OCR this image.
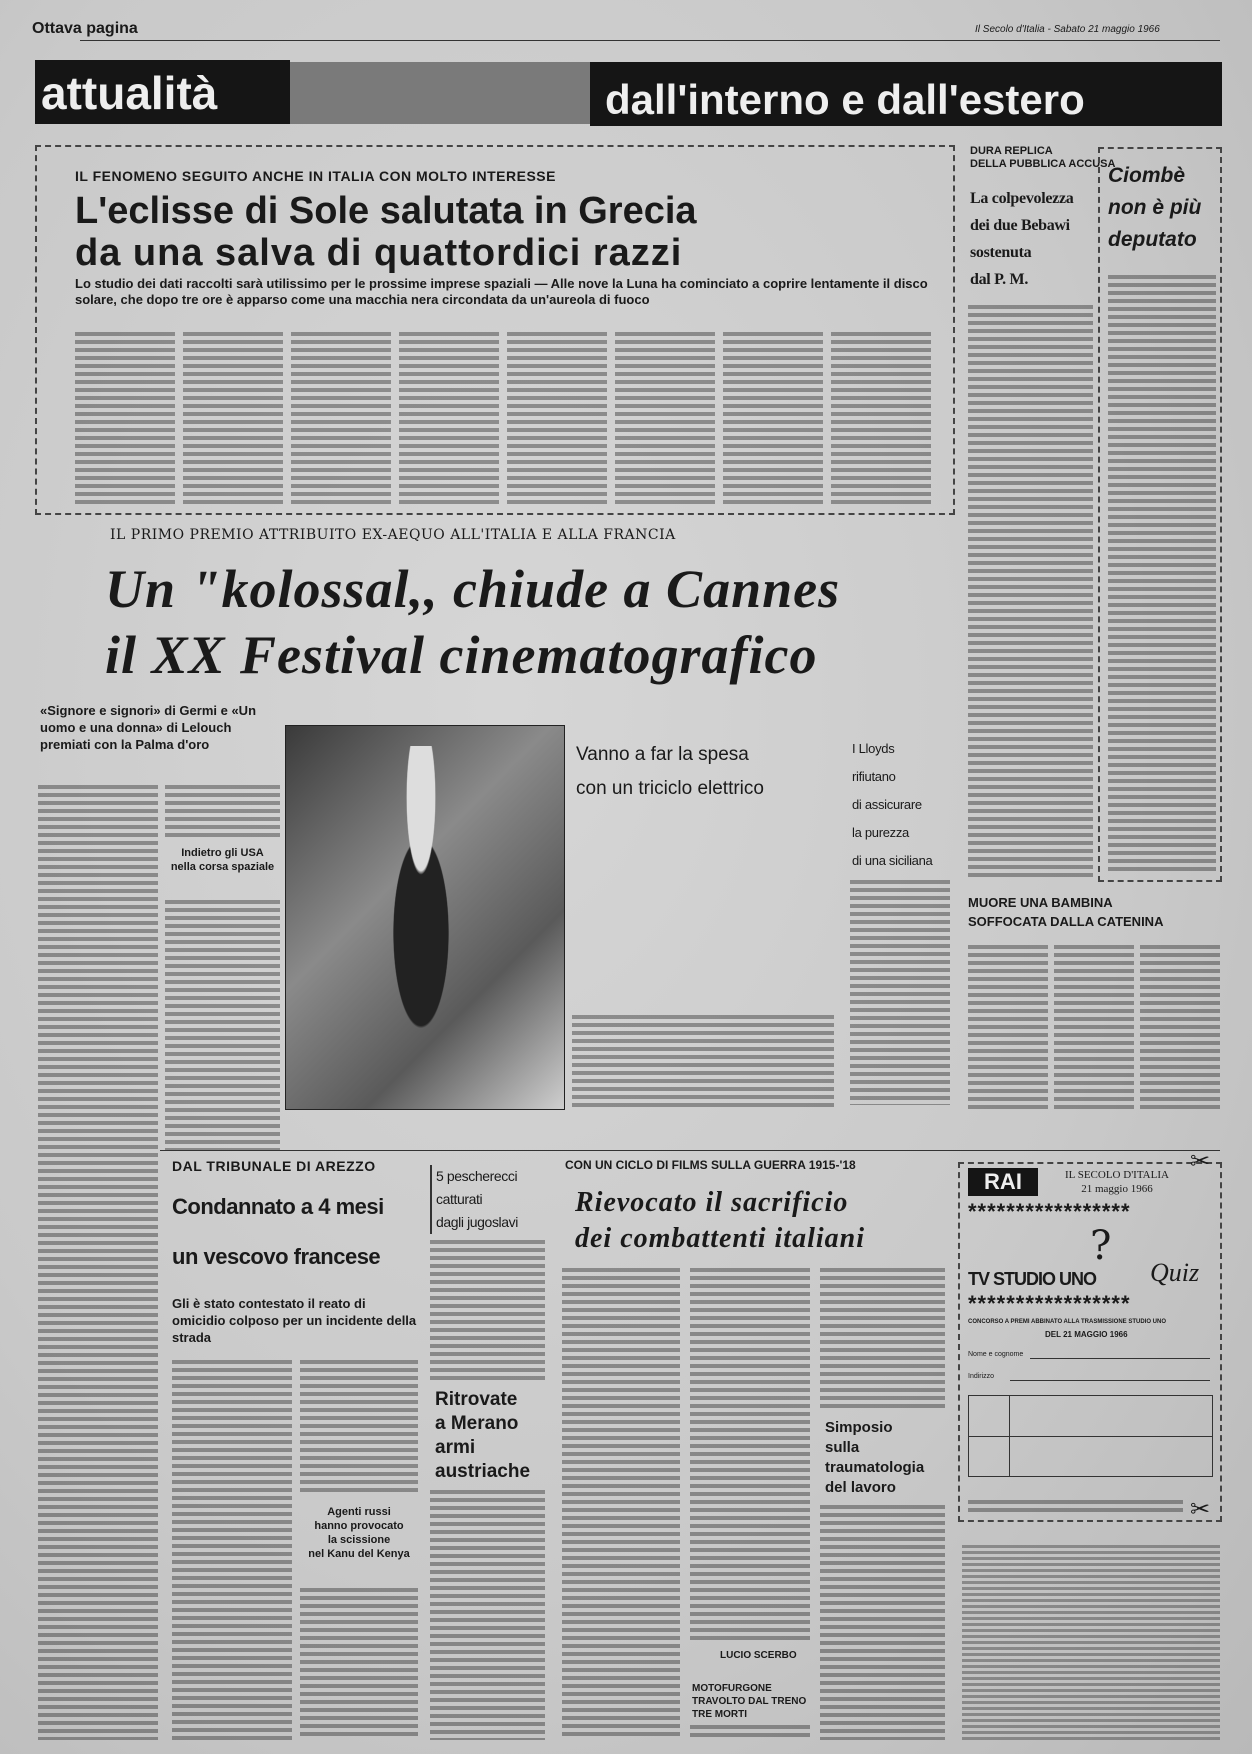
Ottava pagina	Il Secolo d'Italia - Sabato 21 maggio 1966
attualità	dall'interno e dall'estero
IL FENOMENO SEGUITO ANCHE IN ITALIA CON MOLTO INTERESSE
L'eclisse di Sole salutata in Grecia
da una salva di quattordici razzi
Lo studio dei dati raccolti sarà utilissimo per le prossime imprese spaziali — Alle nove la Luna ha cominciato a coprire lentamente il disco solare, che dopo tre ore è apparso come una macchia nera circondata da un'aureola di fuoco
DURA REPLICA
DELLA PUBBLICA ACCUSA
La colpevolezza
dei due Bebawi
sostenuta
dal P. M.
Ciombè
non è più
deputato
IL PRIMO PREMIO ATTRIBUITO EX-AEQUO ALL'ITALIA E ALLA FRANCIA
Un "kolossal,, chiude a Cannes
il XX Festival cinematografico
«Signore e signori» di Germi e «Un uomo e una donna» di Lelouch premiati con la Palma d'oro
Indietro gli USA
nella corsa spaziale
Vanno a far la spesa
con un triciclo elettrico
I Lloyds
rifiutano
di assicurare
la purezza
di una siciliana
MUORE UNA BAMBINA
SOFFOCATA DALLA CATENINA
DAL TRIBUNALE DI AREZZO
Condannato a 4 mesi
un vescovo francese
Gli è stato contestato il reato di omicidio colposo per un incidente della strada
Agenti russi
hanno provocato
la scissione
nel Kanu del Kenya
5 pescherecci
catturati
dagli jugoslavi
Ritrovate
a Merano
armi
austriache
CON UN CICLO DI FILMS SULLA GUERRA 1915-'18
Rievocato il sacrificio
dei combattenti italiani
LUCIO SCERBO
MOTOFURGONE
TRAVOLTO DAL TRENO
TRE MORTI
Simposio
sulla
traumatologia
del lavoro
✂
RAI	IL SECOLO D'ITALIA
21 maggio 1966
*****************
?
TV STUDIO UNO Quiz
*****************
CONCORSO A PREMI ABBINATO ALLA TRASMISSIONE STUDIO UNO
DEL 21 MAGGIO 1966
Nome e cognome
Indirizzo
✂
